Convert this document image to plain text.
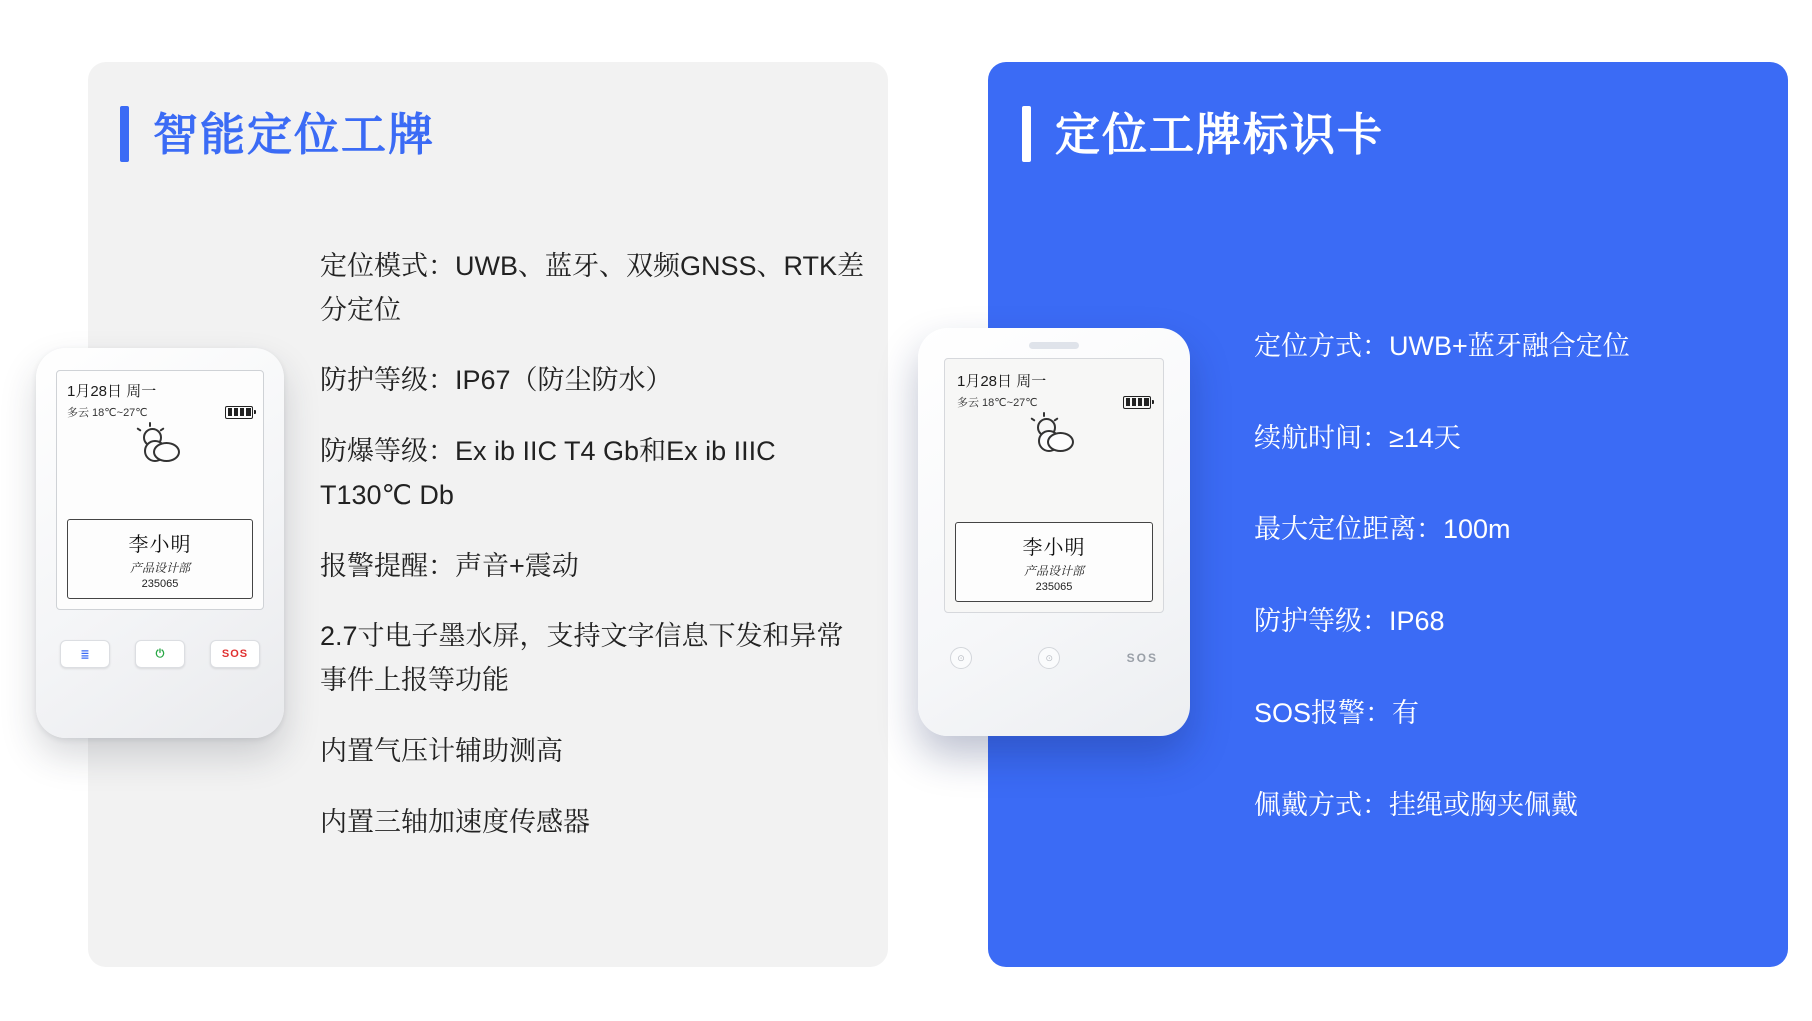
智能定位工牌
定位模式：UWB、蓝牙、双频GNSS、RTK差分定位
防护等级：IP67（防尘防水）
防爆等级：Ex ib IIC T4 Gb和Ex ib IIIC T130℃ Db
报警提醒：声音+震动
2.7寸电子墨水屏，支持文字信息下发和异常事件上报等功能
内置气压计辅助测高
内置三轴加速度传感器
1月28日 周一
多云 18℃~27℃
李小明
产品设计部
235065
≣	⏻	SOS
定位工牌标识卡
定位方式：UWB+蓝牙融合定位
续航时间：≥14天
最大定位距离：100m
防护等级：IP68
SOS报警：有
佩戴方式：挂绳或胸夹佩戴
1月28日 周一
多云 18℃~27℃
李小明
产品设计部
235065
⊙	⊙	SOS
